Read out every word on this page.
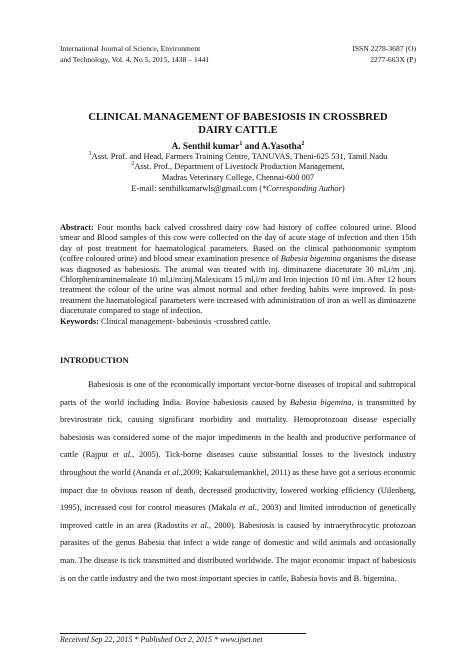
International Journal of Science, Environment
and Technology, Vol. 4, No 5, 2015, 1438 – 1441
ISSN 2278-3687 (O)
2277-663X (P)
CLINICAL MANAGEMENT OF BABESIOSIS IN CROSSBRED
DAIRY CATTLE
A. Senthil kumar$^1$ and A.Yasotha$^2$
$^1$Asst. Prof. and Head, Farmers Training Centre, TANUVAS, Theni-625 531, Tamil Nadu
$^2$Asst. Prof., Department of Livestock Production Management,
Madras Veterinary College, Chennai-600 007
E-mail: senthilkumarwls@gmail.com (*Corresponding Author)
Abstract: Four months back calved crossbred dairy cow had history of coffee coloured urine. Blood smear and Blood samples of this cow were collected on the day of acute stage of infection and then 15th day of post treatment for haematological parameters. Based on the clinical pathonomonic symptom (coffee coloured urine) and blood smear examination presence of Babesia bigemina organisms the disease was diagnosed as babesiosis. The animal was treated with inj. diminazene diaceturate 30 ml,i/m ,inj. Chlorpheniraminemaleate 10 ml,i/m:inj.Malexicam 15 ml,i/m and Iron injection 10 ml i/m. After 12 hours treatment the colour of the urine was almost normal and other feeding habits were improved. In post-treatment the haematological parameters were increased with administration of iron as well as diminazene diaceturate compared to stage of infection.
Keywords: Clinical management- babesiosis -crossbred cattle.
INTRODUCTION

Babesiosis is one of the economically important vector-borne diseases of tropical and subtropical parts of the world including India. Bovine babesiosis caused by Babesia bigemina, is transmitted by brevirostrate tick, causing significant morbidity and mortality. Hemoprotozoan disease especially babesiosis was considered some of the major impediments in the health and productive performance of cattle (Rajput et al., 2005). Tick-borne diseases cause substantial losses to the livestock industry throughout the world (Ananda et al.,2009; Kakarsulemankhel, 2011) as these have got a serious economic impact due to obvious reason of death, decreased productivity, lowered working efficiency (Uilenberg, 1995), increased cost for control measures (Makala et al., 2003) and limited introduction of genetically improved cattle in an area (Radostits et al., 2000). Babesiosis is caused by intraerythrocytic protozoan parasites of the genus Babesia that infect a wide range of domestic and wild animals and occasionally man. The disease is tick transmitted and distributed worldwide. The major economic impact of babesiosis is on the cattle industry and the two most important species in cattle, Babesia bovis and B. bigemina.

Received Sep 22, 2015 * Published Oct 2, 2015 * www.ijset.net
